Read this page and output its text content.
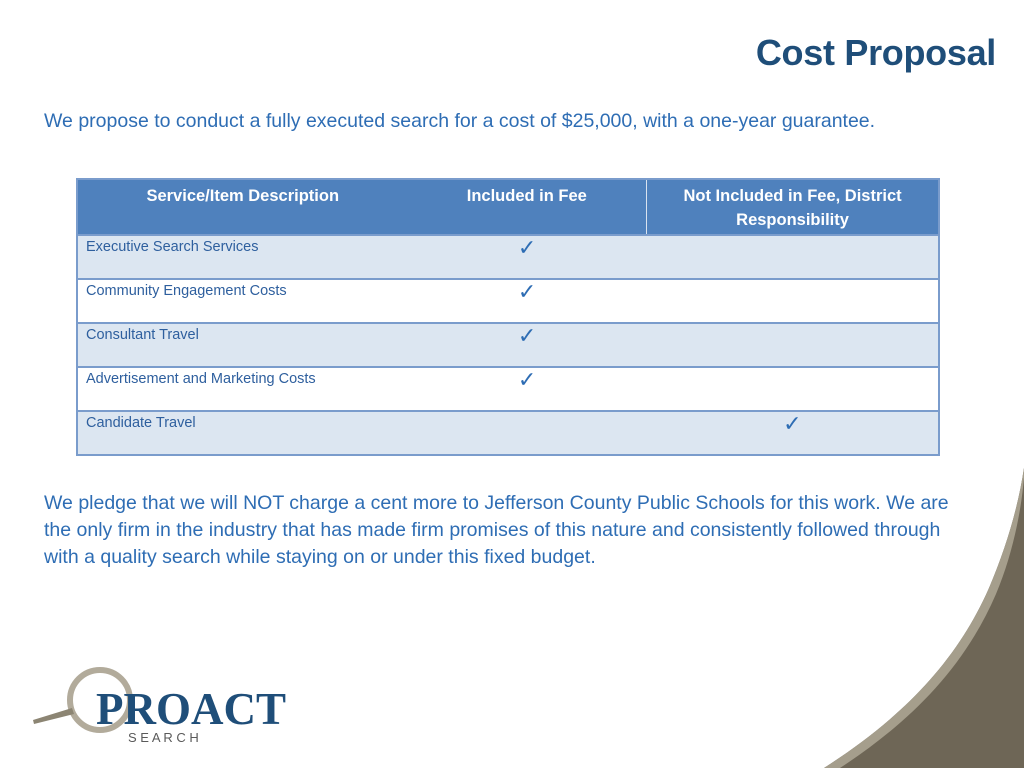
Cost Proposal
We propose to conduct a fully executed search for a cost of $25,000, with a one-year guarantee.
Service/Item Description	Included in Fee	Not Included in Fee, District Responsibility
Executive Search Services	✓	
Community Engagement Costs	✓	
Consultant Travel	✓	
Advertisement and Marketing Costs	✓	
Candidate Travel		✓
We pledge that we will NOT charge a cent more to Jefferson County Public Schools for this work. We are the only firm in the industry that has made firm promises of this nature and consistently followed through with a quality search while staying on or under this fixed budget.
PROACT
S E A R C H
